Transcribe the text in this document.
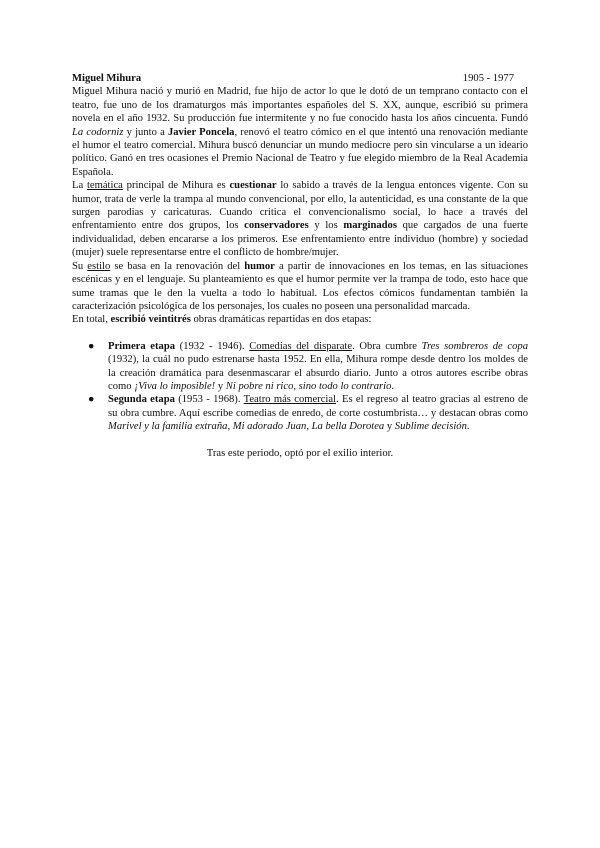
Miguel Mihura	1905 - 1977

Miguel Mihura nació y murió en Madrid, fue hijo de actor lo que le dotó de un temprano contacto con el teatro, fue uno de los dramaturgos más importantes españoles del S. XX, aunque, escribió su primera novela en el año 1932. Su producción fue intermitente y no fue conocido hasta los años cincuenta. Fundó La codorniz y junto a Javier Poncela, renovó el teatro cómico en el que intentó una renovación mediante el humor el teatro comercial. Mihura buscó denunciar un mundo mediocre pero sin vincularse a un ideario político. Ganó en tres ocasiones el Premio Nacional de Teatro y fue elegido miembro de la Real Academia Española.

La temática principal de Mihura es cuestionar lo sabido a través de la lengua entonces vigente. Con su humor, trata de verle la trampa al mundo convencional, por ello, la autenticidad, es una constante de la que surgen parodias y caricaturas. Cuando critica el convencionalismo social, lo hace a través del enfrentamiento entre dos grupos, los conservadores y los marginados que cargados de una fuerte individualidad, deben encararse a los primeros. Ese enfrentamiento entre individuo (hombre) y sociedad (mujer) suele representarse entre el conflicto de hombre/mujer.

Su estilo se basa en la renovación del humor a partir de innovaciones en los temas, en las situaciones escénicas y en el lenguaje. Su planteamiento es que el humor permite ver la trampa de todo, esto hace que sume tramas que le den la vuelta a todo lo habitual. Los efectos cómicos fundamentan también la caracterización psicológica de los personajes, los cuales no poseen una personalidad marcada.

En total, escribió veintitrés obras dramáticas repartidas en dos etapas:

● Primera etapa (1932 - 1946). Comedias del disparate. Obra cumbre Tres sombreros de copa (1932), la cuál no pudo estrenarse hasta 1952. En ella, Mihura rompe desde dentro los moldes de la creación dramática para desenmascarar el absurdo diario. Junto a otros autores escribe obras como ¡Viva lo imposible! y Ni pobre ni rico, sino todo lo contrario.
● Segunda etapa (1953 - 1968). Teatro más comercial. Es el regreso al teatro gracias al estreno de su obra cumbre. Aquí escribe comedias de enredo, de corte costumbrista… y destacan obras como Marivel y la familia extraña, Mi adorado Juan, La bella Dorotea y Sublime decisión.

Tras este periodo, optó por el exilio interior.
